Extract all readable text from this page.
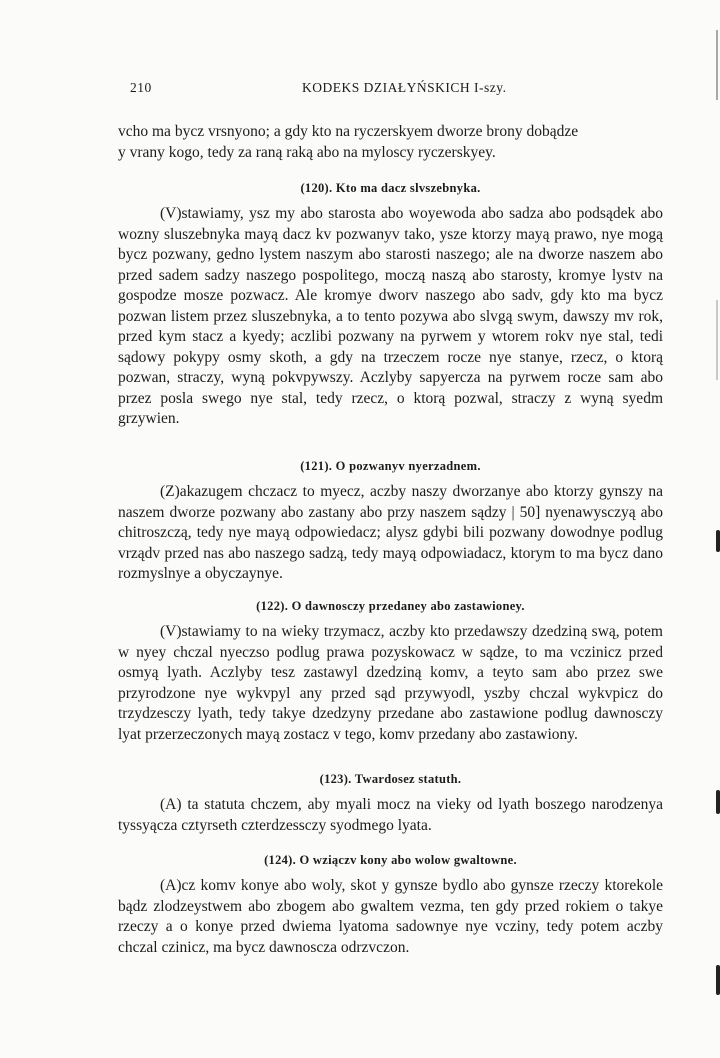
210	KODEKS DZIAŁYŃSKICH I-szy.

vcho ma bycz vrsnyono; a gdy kto na ryczerskyem dworze brony dobądze

y vrany kogo, tedy za raną raką abo na myloscy ryczerskyey.

(120). Kto ma dacz slvszebnyka.

(V)stawiamy, ysz my abo starosta abo woyewoda abo sadza abo podsądek abo wozny sluszebnyka mayą dacz kv pozwanyv tako, ysze ktorzy mayą prawo, nye mogą bycz pozwany, gedno lystem naszym abo starosti naszego; ale na dworze naszem abo przed sadem sadzy naszego pospolitego, moczą naszą abo starosty, kromye lystv na gospodze mosze pozwacz. Ale kromye dworv naszego abo sadv, gdy kto ma bycz pozwan listem przez sluszebnyka, a to tento pozywa abo slvgą swym, dawszy mv rok, przed kym stacz a kyedy; aczlibi pozwany na pyrwem y wtorem rokv nye stal, tedi sądowy pokypy osmy skoth, a gdy na trzeczem rocze nye stanye, rzecz, o ktorą pozwan, straczy, wyną pokvpywszy. Aczlyby sapyercza na pyrwem rocze sam abo przez posla swego nye stal, tedy rzecz, o ktorą pozwal, straczy z wyną syedm grzywien.

(121). O pozwanyv nyerzadnem.

(Z)akazugem chczacz to myecz, aczby naszy dworzanye abo ktorzy gynszy na naszem dworze pozwany abo zastany abo przy naszem sądzy | 50] nyenawysczyą abo chitroszczą, tedy nye mayą odpowiedacz; alysz gdybi bili pozwany dowodnye podlug vrządv przed nas abo naszego sadzą, tedy mayą odpowiadacz, ktorym to ma bycz dano rozmyslnye a obyczaynye.

(122). O dawnosczy przedaney abo zastawioney.

(V)stawiamy to na wieky trzymacz, aczby kto przedawszy dzedziną swą, potem w nyey chczal nyeczso podlug prawa pozyskowacz w sądze, to ma vczinicz przed osmyą lyath. Aczlyby tesz zastawyl dzedziną komv, a teyto sam abo przez swe przyrodzone nye wykvpyl any przed sąd przywyodl, yszby chczal wykvpicz do trzydzesczy lyath, tedy takye dzedzyny przedane abo zastawione podlug dawnosczy lyat przerzeczonych mayą zostacz v tego, komv przedany abo zastawiony.

(123). Twardosez statuth.

(A) ta statuta chczem, aby myali mocz na vieky od lyath boszego narodzenya tyssyącza cztyrseth czterdzessczy syodmego lyata.

(124). O wziączv kony abo wolow gwaltowne.

(A)cz komv konye abo woly, skot y gynsze bydlo abo gynsze rzeczy ktorekole bądz zlodzeystwem abo zbogem abo gwaltem vezma, ten gdy przed rokiem o takye rzeczy a o konye przed dwiema lyatoma sadownye nye vcziny, tedy potem aczby chczal czinicz, ma bycz dawnoscza odrzvczon.
